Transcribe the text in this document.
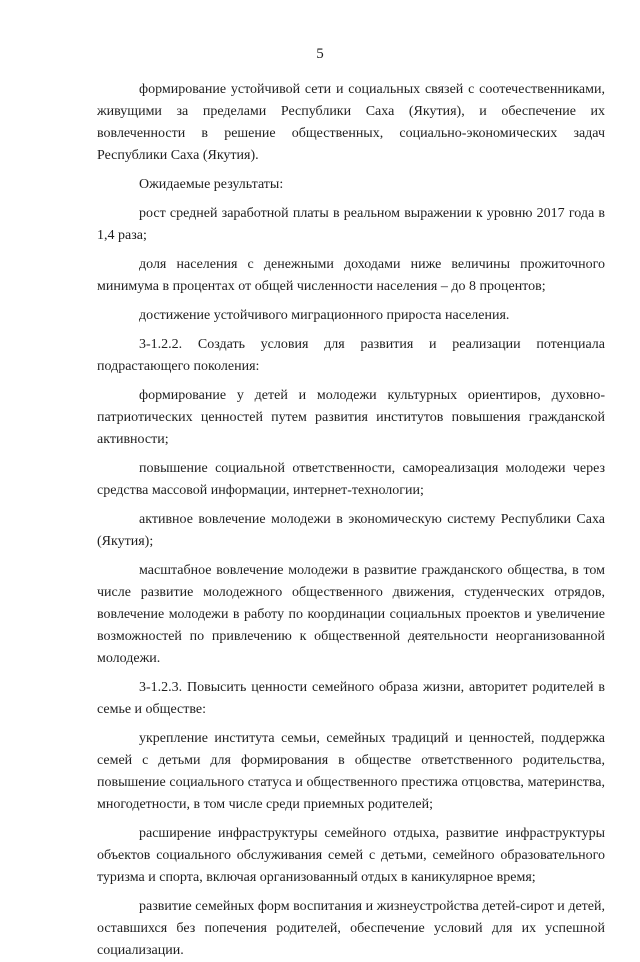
5

формирование устойчивой сети и социальных связей с соотечественниками, живущими за пределами Республики Саха (Якутия), и обеспечение их вовлеченности в решение общественных, социально-экономических задач Республики Саха (Якутия).

Ожидаемые результаты:

рост средней заработной платы в реальном выражении к уровню 2017 года в 1,4 раза;

доля населения с денежными доходами ниже величины прожиточного минимума в процентах от общей численности населения – до 8 процентов;

достижение устойчивого миграционного прироста населения.

3-1.2.2. Создать условия для развития и реализации потенциала подрастающего поколения:

формирование у детей и молодежи культурных ориентиров, духовно-патриотических ценностей путем развития институтов повышения гражданской активности;

повышение социальной ответственности, самореализация молодежи через средства массовой информации, интернет-технологии;

активное вовлечение молодежи в экономическую систему Республики Саха (Якутия);

масштабное вовлечение молодежи в развитие гражданского общества, в том числе развитие молодежного общественного движения, студенческих отрядов, вовлечение молодежи в работу по координации социальных проектов и увеличение возможностей по привлечению к общественной деятельности неорганизованной молодежи.

3-1.2.3. Повысить ценности семейного образа жизни, авторитет родителей в семье и обществе:

укрепление института семьи, семейных традиций и ценностей, поддержка семей с детьми для формирования в обществе ответственного родительства, повышение социального статуса и общественного престижа отцовства, материнства, многодетности, в том числе среди приемных родителей;

расширение инфраструктуры семейного отдыха, развитие инфраструктуры объектов социального обслуживания семей с детьми, семейного образовательного туризма и спорта, включая организованный отдых в каникулярное время;

развитие семейных форм воспитания и жизнеустройства детей-сирот и детей, оставшихся без попечения родителей, обеспечение условий для их успешной социализации.
